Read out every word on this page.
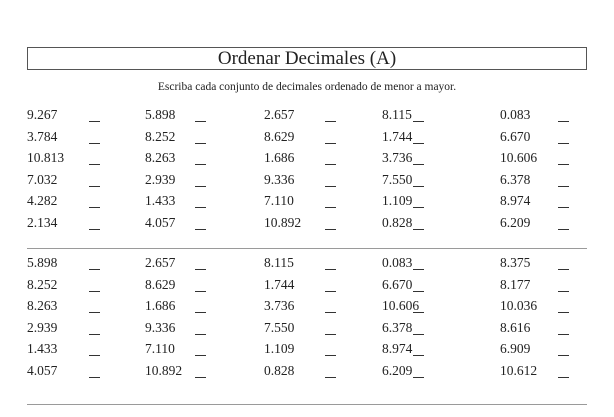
Ordenar Decimales (A)
Escriba cada conjunto de decimales ordenado de menor a mayor.
9.267	5.898	2.657	8.115	0.083
3.784	8.252	8.629	1.744	6.670
10.813	8.263	1.686	3.736	10.606
7.032	2.939	9.336	7.550	6.378
4.282	1.433	7.110	1.109	8.974
2.134	4.057	10.892	0.828	6.209
5.898	2.657	8.115	0.083	8.375
8.252	8.629	1.744	6.670	8.177
8.263	1.686	3.736	10.606	10.036
2.939	9.336	7.550	6.378	8.616
1.433	7.110	1.109	8.974	6.909
4.057	10.892	0.828	6.209	10.612
